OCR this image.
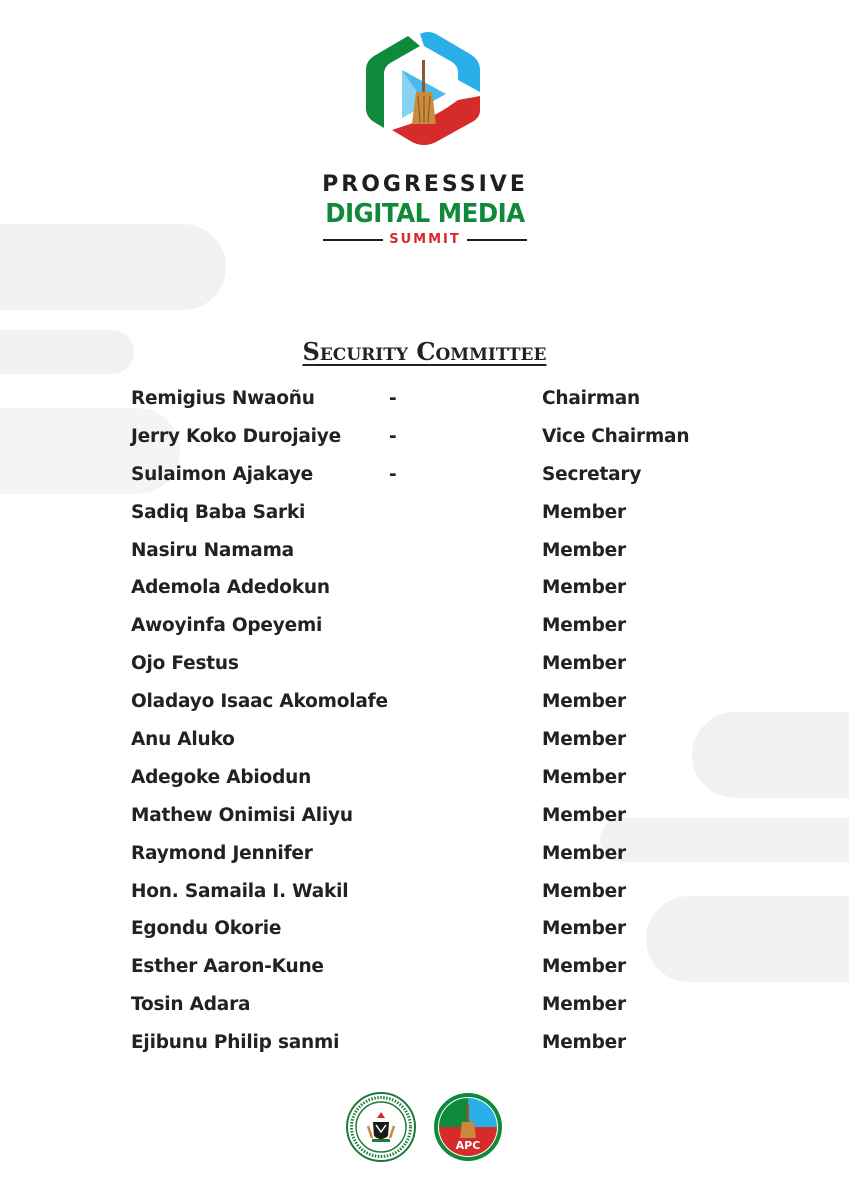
PROGRESSIVE
DIGITAL MEDIA
SUMMIT
Security Committee
Remigius Nwaoñu	-	Chairman
Jerry Koko Durojaiye	-	Vice Chairman
Sulaimon Ajakaye	-	Secretary
Sadiq Baba Sarki	Member
Nasiru Namama	Member
Ademola Adedokun	Member
Awoyinfa Opeyemi	Member
Ojo Festus	Member
Oladayo Isaac Akomolafe	Member
Anu Aluko	Member
Adegoke Abiodun	Member
Mathew Onimisi Aliyu	Member
Raymond Jennifer	Member
Hon. Samaila I. Wakil	Member
Egondu Okorie	Member
Esther Aaron-Kune	Member
Tosin Adara	Member
Ejibunu Philip sanmi	Member
APC
